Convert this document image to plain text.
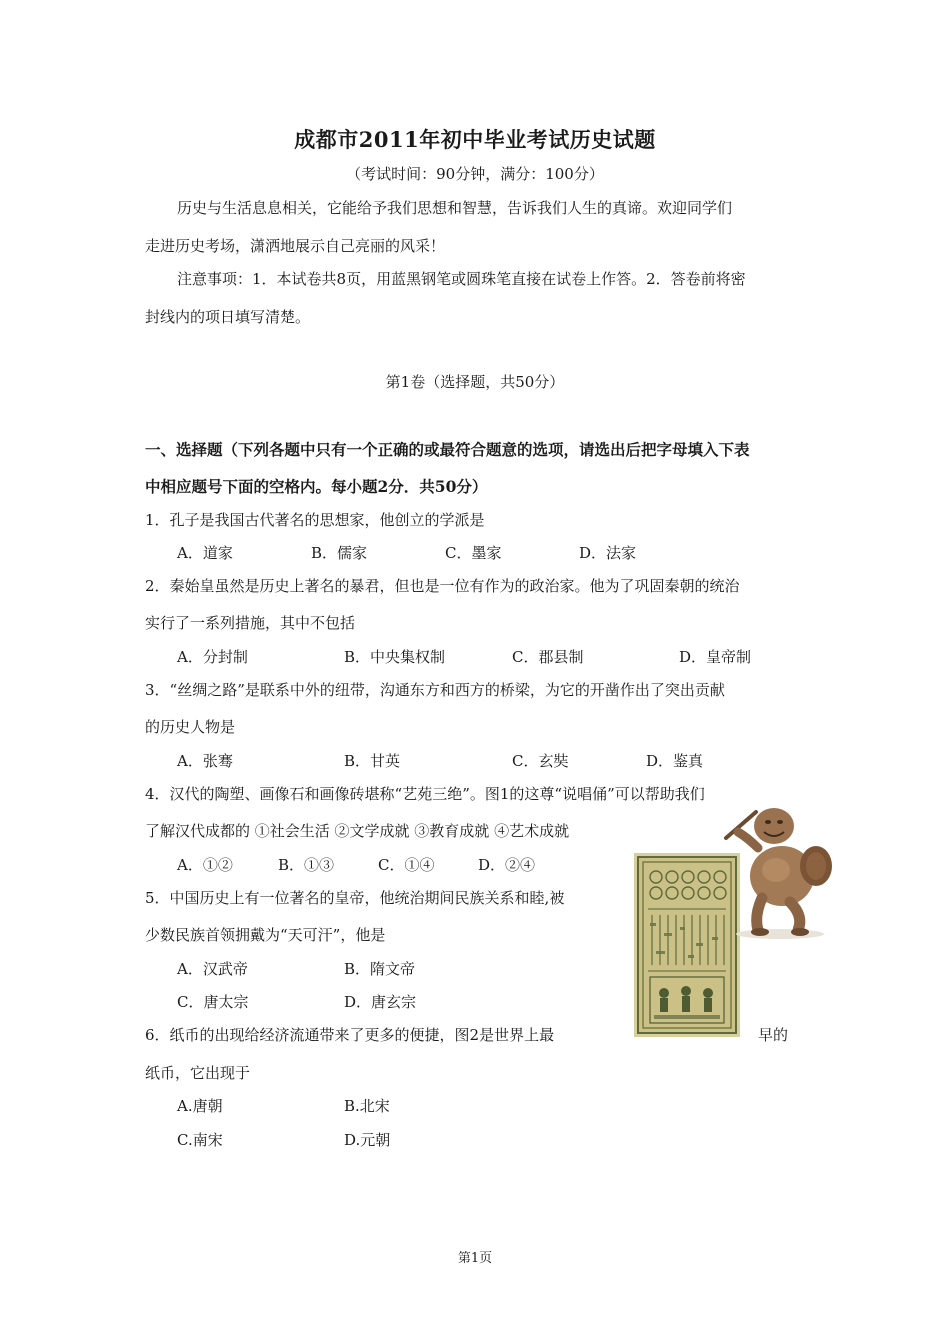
成都市2011年初中毕业考试历史试题
（考试时间：90分钟，满分：100分）
历史与生活息息相关，它能给予我们思想和智慧，告诉我们人生的真谛。欢迎同学们
走进历史考场，潇洒地展示自己亮丽的风采！
注意事项：1．本试卷共8页，用蓝黑钢笔或圆珠笔直接在试卷上作答。2．答卷前将密
封线内的项日填写清楚。
第1卷（选择题，共50分）
一、选择题（下列各题中只有一个正确的或最符合题意的选项，请选出后把字母填入下表
中相应题号下面的空格内。每小题2分．共50分）
1．孔子是我国古代著名的思想家，他创立的学派是
A．道家	B．儒家	C．墨家	D．法家
2．秦始皇虽然是历史上著名的暴君，但也是一位有作为的政治家。他为了巩固秦朝的统治
实行了一系列措施，其中不包括
A．分封制	B．中央集权制	C．郡县制	D．皇帝制
3．“丝绸之路”是联系中外的纽带，沟通东方和西方的桥梁，为它的开凿作出了突出贡献
的历史人物是
A．张骞	B．甘英	C．玄奘	D．鉴真
4．汉代的陶塑、画像石和画像砖堪称“艺苑三绝”。图1的这尊“说唱俑”可以帮助我们
了解汉代成都的 ①社会生活 ②文学成就 ③教育成就 ④艺术成就
A．①②	B．①③	C．①④	D．②④
5．中国历史上有一位著名的皇帝，他统治期间民族关系和睦,被
少数民族首领拥戴为“天可汗”，他是
A．汉武帝	B．隋文帝
C．唐太宗	D．唐玄宗
6．纸币的出现给经济流通带来了更多的便捷，图2是世界上最	早的
纸币，它出现于
A.唐朝	B.北宋
C.南宋	D.元朝
第1页
